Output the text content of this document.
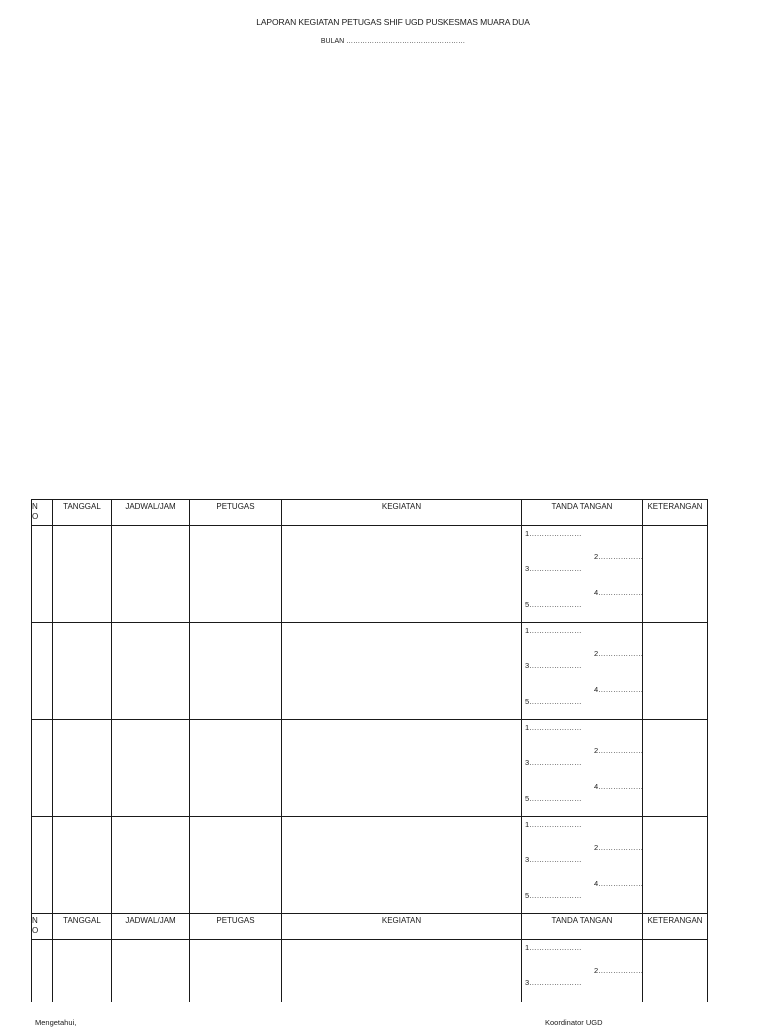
LAPORAN KEGIATAN PETUGAS SHIF UGD PUSKESMAS MUARA DUA
BULAN ……………………………………………
N
O	TANGGAL	JADWAL/JAM	PETUGAS	KEGIATAN	TANDA TANGAN	KETERANGAN

					1…………………
2………………
3…………………
4………………
5…………………	

					1…………………
2………………
3…………………
4………………
5…………………	

					1…………………
2………………
3…………………
4………………
5…………………	

					1…………………
2………………
3…………………
4………………
5…………………	

N
O	TANGGAL	JADWAL/JAM	PETUGAS	KEGIATAN	TANDA TANGAN	KETERANGAN

					1…………………
2………………
3…………………	

Mengetahui,	Koordinator UGD
